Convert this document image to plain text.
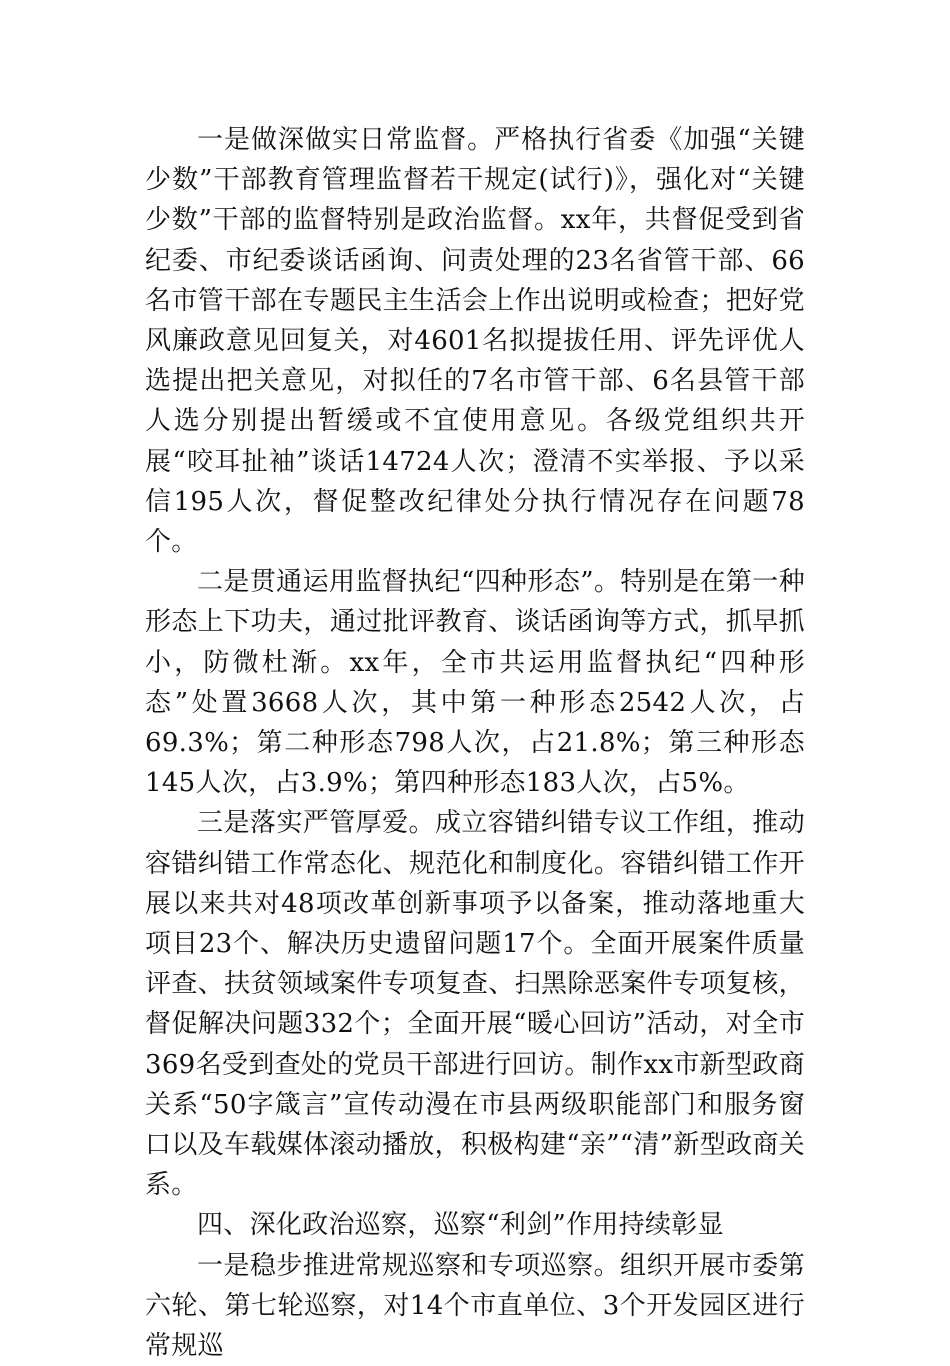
一是做深做实日常监督。严格执行省委《加强“关键少数”干部教育管理监督若干规定(试行)》，强化对“关键少数”干部的监督特别是政治监督。xx年，共督促受到省纪委、市纪委谈话函询、问责处理的23名省管干部、66名市管干部在专题民主生活会上作出说明或检查；把好党风廉政意见回复关，对4601名拟提拔任用、评先评优人选提出把关意见，对拟任的7名市管干部、6名县管干部人选分别提出暂缓或不宜使用意见。各级党组织共开展“咬耳扯袖”谈话14724人次；澄清不实举报、予以采信195人次，督促整改纪律处分执行情况存在问题78个。

二是贯通运用监督执纪“四种形态”。特别是在第一种形态上下功夫，通过批评教育、谈话函询等方式，抓早抓小，防微杜渐。xx年，全市共运用监督执纪“四种形态”处置3668人次，其中第一种形态2542人次，占69.3%；第二种形态798人次，占21.8%；第三种形态145人次，占3.9%；第四种形态183人次，占5%。

三是落实严管厚爱。成立容错纠错专议工作组，推动容错纠错工作常态化、规范化和制度化。容错纠错工作开展以来共对48项改革创新事项予以备案，推动落地重大项目23个、解决历史遗留问题17个。全面开展案件质量评查、扶贫领域案件专项复查、扫黑除恶案件专项复核，督促解决问题332个；全面开展“暖心回访”活动，对全市369名受到查处的党员干部进行回访。制作xx市新型政商关系“50字箴言”宣传动漫在市县两级职能部门和服务窗口以及车载媒体滚动播放，积极构建“亲”“清”新型政商关系。

四、深化政治巡察，巡察“利剑”作用持续彰显

一是稳步推进常规巡察和专项巡察。组织开展市委第六轮、第七轮巡察，对14个市直单位、3个开发园区进行常规巡
